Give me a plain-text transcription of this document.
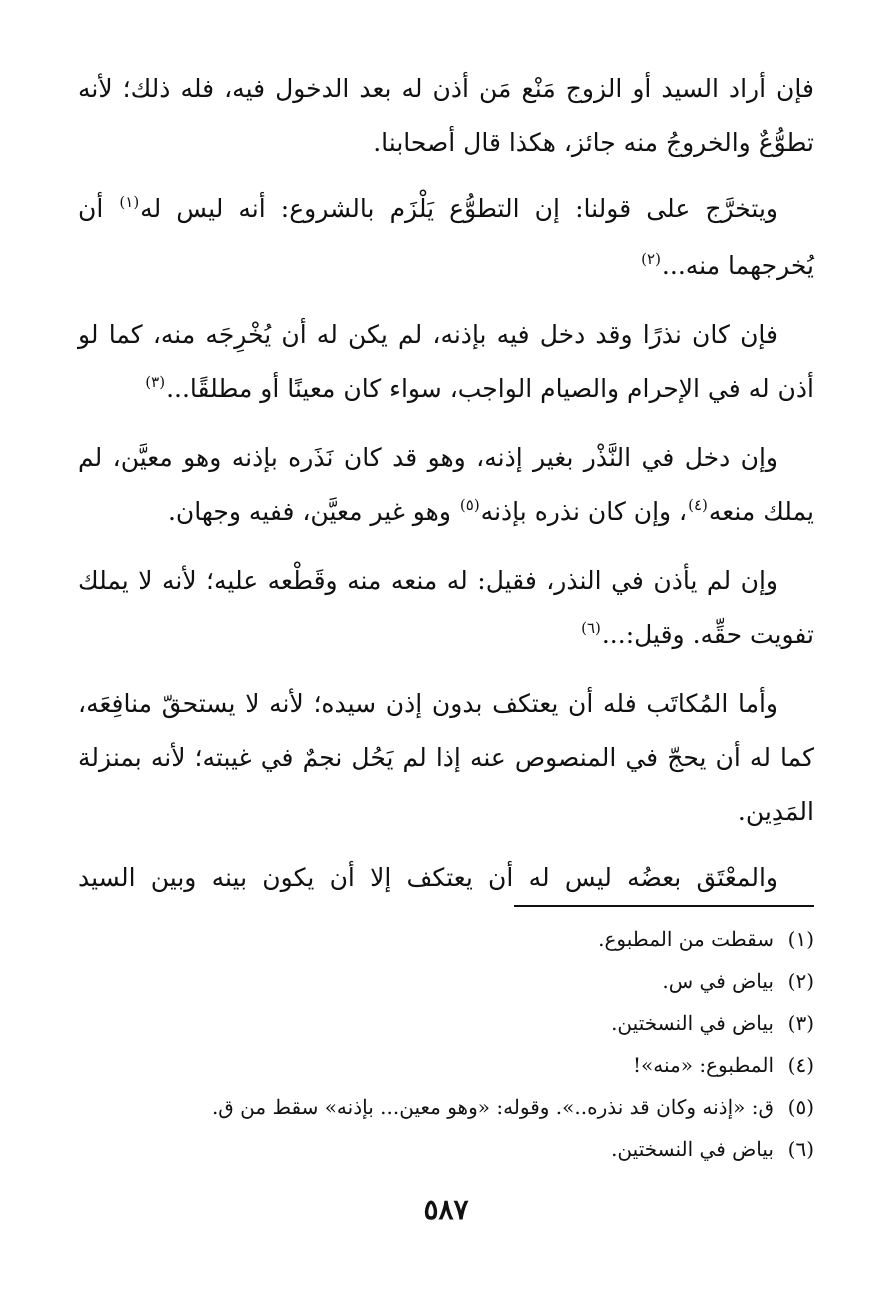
فإن أراد السيد أو الزوج مَنْع مَن أذن له بعد الدخول فيه، فله ذلك؛ لأنه تطوُّعٌ والخروجُ منه جائز، هكذا قال أصحابنا.

ويتخرَّج على قولنا: إن التطوُّع يَلْزَم بالشروع: أنه ليس له$^{(١)}$ أن يُخرجهما منه...$^{(٢)}$

فإن كان نذرًا وقد دخل فيه بإذنه، لم يكن له أن يُخْرِجَه منه، كما لو أذن له في الإحرام والصيام الواجب، سواء كان معينًا أو مطلقًا...$^{(٣)}$

وإن دخل في النَّذْر بغير إذنه، وهو قد كان نَذَره بإذنه وهو معيَّن، لم يملك منعه$^{(٤)}$، وإن كان نذره بإذنه$^{(٥)}$ وهو غير معيَّن، ففيه وجهان.

وإن لم يأذن في النذر، فقيل: له منعه منه وقَطْعه عليه؛ لأنه لا يملك تفويت حقِّه. وقيل:...$^{(٦)}$

وأما المُكاتَب فله أن يعتكف بدون إذن سيده؛ لأنه لا يستحقّ منافِعَه، كما له أن يحجّ في المنصوص عنه إذا لم يَحُل نجمٌ في غيبته؛ لأنه بمنزلة المَدِين.

والمعْتَق بعضُه ليس له أن يعتكف إلا أن يكون بينه وبين السيد

(١)سقطت من المطبوع.
(٢)بياض في س.
(٣)بياض في النسختين.
(٤)المطبوع: «منه»!
(٥)ق: «إذنه وكان قد نذره..». وقوله: «وهو معين... بإذنه» سقط من ق.
(٦)بياض في النسختين.
٥٨٧
